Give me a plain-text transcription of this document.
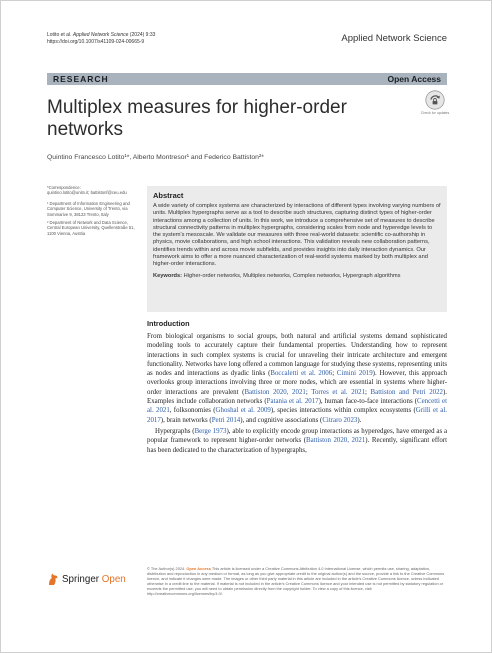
Lotito et al. Applied Network Science (2024) 9:33
https://doi.org/10.1007/s41109-024-00665-9	Applied Network Science
RESEARCH	Open Access
Multiplex measures for higher-order networks
Check for updates
Quintino Francesco Lotito¹*, Alberto Montresor¹ and Federico Battiston²*
*Correspondence:
quintino.lotito@unitn.it; battistonf@ceu.edu
¹ Department of Information Engineering and Computer Science, University of Trento, via Sommarive 9, 38123 Trento, Italy
² Department of Network and Data Science, Central European University, Quellenstraße 51, 1100 Vienna, Austria
Abstract

A wide variety of complex systems are characterized by interactions of different types involving varying numbers of units. Multiplex hypergraphs serve as a tool to describe such structures, capturing distinct types of higher-order interactions among a collection of units. In this work, we introduce a comprehensive set of measures to describe structural connectivity patterns in multiplex hypergraphs, considering scales from node and hyperedge levels to the system's mesoscale. We validate our measures with three real-world datasets: scientific co-authorship in physics, movie collaborations, and high school interactions. This validation reveals new collaboration patterns, identifies trends within and across movie subfields, and provides insights into daily interaction dynamics. Our framework aims to offer a more nuanced characterization of real-world systems marked by both multiplex and higher-order interactions.

Keywords: Higher-order networks, Multiplex networks, Complex networks, Hypergraph algorithms
Introduction

From biological organisms to social groups, both natural and artificial systems demand sophisticated modeling tools to accurately capture their fundamental properties. Understanding how to represent interactions in such complex systems is crucial for unraveling their intricate architecture and emergent functionality. Networks have long offered a common language for studying these systems, representing units as nodes and interactions as dyadic links (Boccaletti et al. 2006; Cimini 2019). However, this approach overlooks group interactions involving three or more nodes, which are essential in systems where higher-order interactions are prevalent (Battiston 2020, 2021; Torres et al. 2021; Battiston and Petri 2022). Examples include collaboration networks (Patania et al. 2017), human face-to-face interactions (Cencetti et al. 2021, folksonomies (Ghoshal et al. 2009), species interactions within complex ecosystems (Grilli et al. 2017), brain networks (Petri 2014), and cognitive associations (Citraro 2023).

Hypergraphs (Berge 1973), able to explicitly encode group interactions as hyperedges, have emerged as a popular framework to represent higher-order networks (Battiston 2020, 2021). Recently, significant effort has been dedicated to the characterization of hypergraphs,

Springer Open
© The Author(s) 2024. Open Access This article is licensed under a Creative Commons Attribution 4.0 International License, which permits use, sharing, adaptation, distribution and reproduction in any medium or format, as long as you give appropriate credit to the original author(s) and the source, provide a link to the Creative Commons licence, and indicate if changes were made. The images or other third party material in this article are included in the article's Creative Commons licence, unless indicated otherwise in a credit line to the material. If material is not included in the article's Creative Commons licence and your intended use is not permitted by statutory regulation or exceeds the permitted use, you will need to obtain permission directly from the copyright holder. To view a copy of this licence, visit http://creativecommons.org/licenses/by/4.0/.
